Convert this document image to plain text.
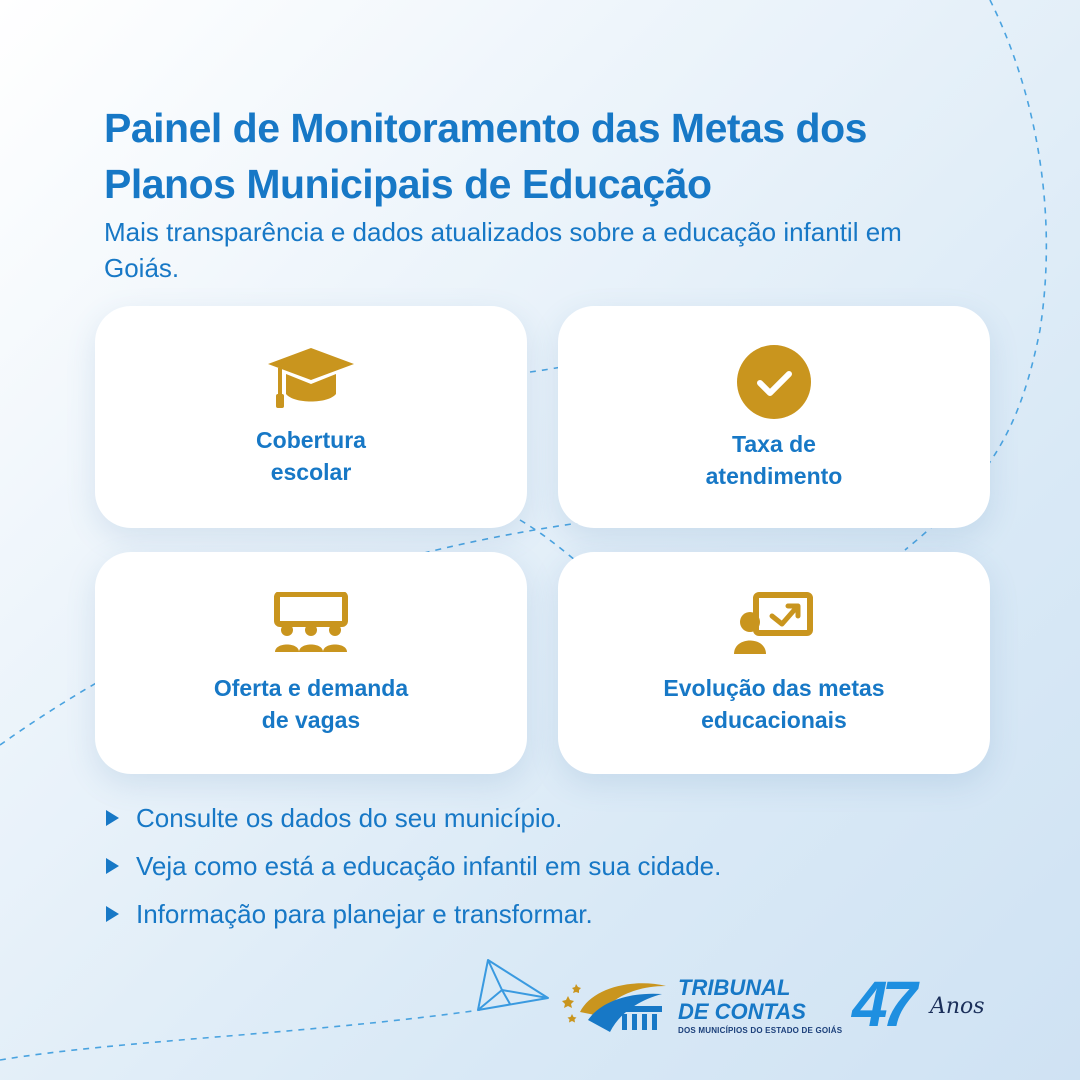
Painel de Monitoramento das Metas dos Planos Municipais de Educação

Mais transparência e dados atualizados sobre a educação infantil em Goiás.

Cobertura
escolar
Taxa de
atendimento
Oferta e demanda
de vagas
Evolução das metas
educacionais
Consulte os dados do seu município.
Veja como está a educação infantil em sua cidade.
Informação para planejar e transformar.
TRIBUNAL
DE CONTAS
DOS MUNICÍPIOS DO ESTADO DE GOIÁS 47 Anos
